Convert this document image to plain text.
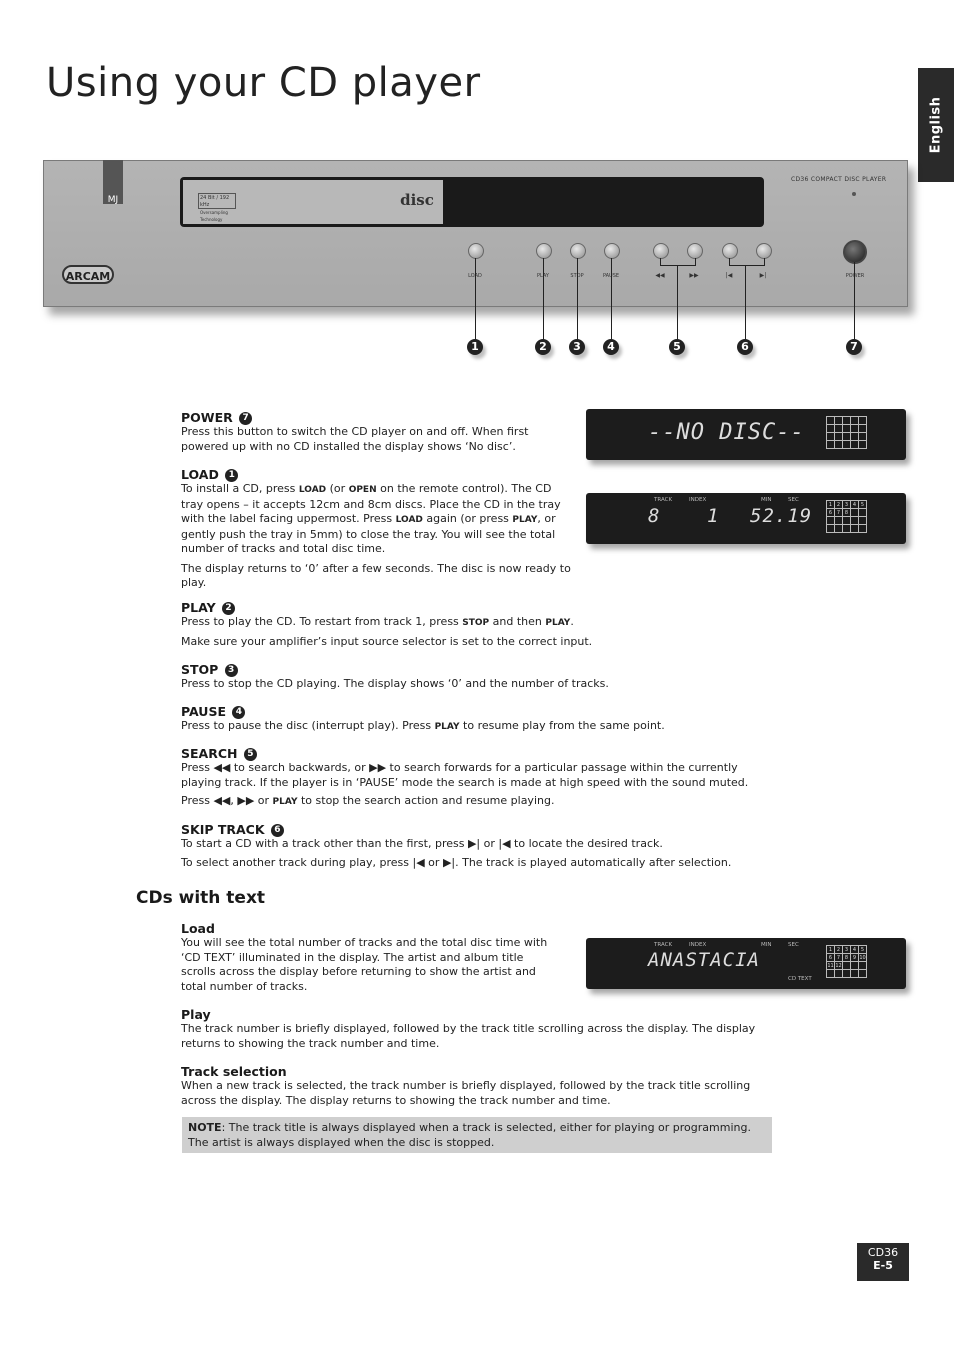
Using your CD player
English
MJ	24 Bit / 192 kHz
Oversampling Technology
disc
CD36 COMPACT DISC PLAYER
ARCAM	LOAD	PLAY	STOP	PAUSE	◀◀	▶▶	|◀	▶|	POWER
1	2	3	4	5	6	7
POWER 7
Press this button to switch the CD player on and off. When first powered up with no CD installed the display shows ‘No disc’.
LOAD 1
To install a CD, press LOAD (or OPEN on the remote control). The CD tray opens – it accepts 12cm and 8cm discs. Place the CD in the tray with the label facing uppermost. Press LOAD again (or press PLAY, or gently push the tray in 5mm) to close the tray. You will see the total number of tracks and total disc time.
The display returns to ‘0’ after a few seconds. The disc is now ready to play.
PLAY 2
Press to play the CD. To restart from track 1, press STOP and then PLAY.
Make sure your amplifier’s input source selector is set to the correct input.
STOP 3
Press to stop the CD playing. The display shows ‘0’ and the number of tracks.
PAUSE 4
Press to pause the disc (interrupt play). Press PLAY to resume play from the same point.
SEARCH 5
Press ◀◀ to search backwards, or ▶▶ to search forwards for a particular passage within the currently playing track. If the player is in ‘PAUSE’ mode the search is made at high speed with the sound muted.
Press ◀◀, ▶▶ or PLAY to stop the search action and resume playing.
SKIP TRACK 6
To start a CD with a track other than the first, press ▶| or |◀ to locate the desired track.
To select another track during play, press |◀ or ▶|. The track is played automatically after selection.
--NO DISC--

TRACK	INDEX	MIN	SEC
8 1 52.19
1	2	3	4	5
6	7	8		

CDs with text
Load
You will see the total number of tracks and the total disc time with ‘CD TEXT’ illuminated in the display. The artist and album title scrolls across the display before returning to show the artist and total number of tracks.
TRACK	INDEX	MIN	SEC
ANASTACIA
CD TEXT
1	2	3	4	5
6	7	8	9	10
11	12			

Play
The track number is briefly displayed, followed by the track title scrolling across the display. The display returns to showing the track number and time.
Track selection
When a new track is selected, the track number is briefly displayed, followed by the track title scrolling across the display. The display returns to showing the track number and time.
NOTE: The track title is always displayed when a track is selected, either for playing or programming. The artist is always displayed when the disc is stopped.
CD36
E-5
